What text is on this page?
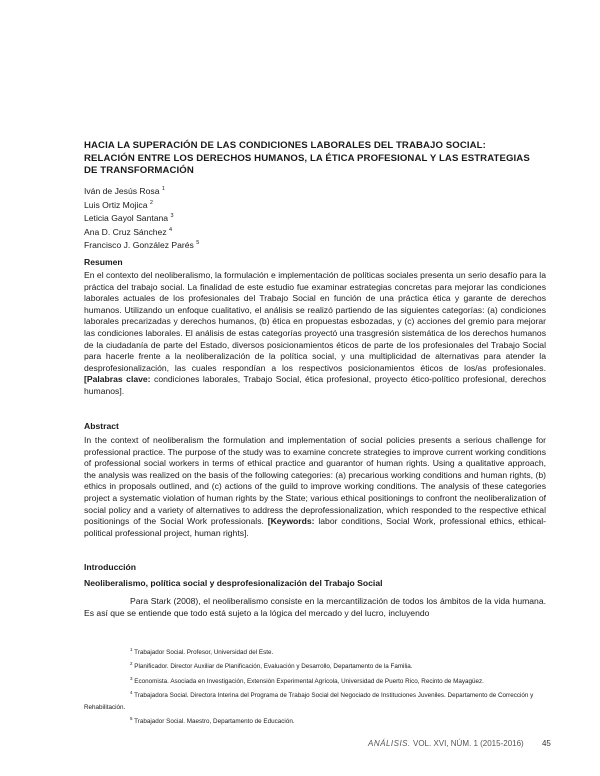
HACIA LA SUPERACIÓN DE LAS CONDICIONES LABORALES DEL TRABAJO SOCIAL:
RELACIÓN ENTRE LOS DERECHOS HUMANOS, LA ÉTICA PROFESIONAL Y LAS ESTRATEGIAS
DE TRANSFORMACIÓN
Iván de Jesús Rosa $^1$
Luis Ortiz Mojica $^2$
Leticia Gayol Santana $^3$
Ana D. Cruz Sánchez $^4$
Francisco J. González Parés $^5$
Resumen
En el contexto del neoliberalismo, la formulación e implementación de políticas sociales presenta un serio desafío para la práctica del trabajo social. La finalidad de este estudio fue examinar estrategias concretas para mejorar las condiciones laborales actuales de los profesionales del Trabajo Social en función de una práctica ética y garante de derechos humanos. Utilizando un enfoque cualitativo, el análisis se realizó partiendo de las siguientes categorías: (a) condiciones laborales precarizadas y derechos humanos, (b) ética en propuestas esbozadas, y (c) acciones del gremio para mejorar las condiciones laborales. El análisis de estas categorías proyectó una trasgresión sistemática de los derechos humanos de la ciudadanía de parte del Estado, diversos posicionamientos éticos de parte de los profesionales del Trabajo Social para hacerle frente a la neoliberalización de la política social, y una multiplicidad de alternativas para atender la desprofesionalización, las cuales respondían a los respectivos posicionamientos éticos de los/as profesionales. [Palabras clave: condiciones laborales, Trabajo Social, ética profesional, proyecto ético-político profesional, derechos humanos].
Abstract
In the context of neoliberalism the formulation and implementation of social policies presents a serious challenge for professional practice. The purpose of the study was to examine concrete strategies to improve current working conditions of professional social workers in terms of ethical practice and guarantor of human rights. Using a qualitative approach, the analysis was realized on the basis of the following categories: (a) precarious working conditions and human rights, (b) ethics in proposals outlined, and (c) actions of the guild to improve working conditions. The analysis of these categories project a systematic violation of human rights by the State; various ethical positionings to confront the neoliberalization of social policy and a variety of alternatives to address the deprofessionalization, which responded to the respective ethical positionings of the Social Work professionals. [Keywords: labor conditions, Social Work, professional ethics, ethical-political professional project, human rights].
Introducción
Neoliberalismo, política social y desprofesionalización del Trabajo Social
Para Stark (2008), el neoliberalismo consiste en la mercantilización de todos los ámbitos de la vida humana. Es así que se entiende que todo está sujeto a la lógica del mercado y del lucro, incluyendo
$^1$ Trabajador Social. Profesor, Universidad del Este.
$^2$ Planificador. Director Auxiliar de Planificación, Evaluación y Desarrollo, Departamento de la Familia.
$^3$ Economista. Asociada en Investigación, Extensión Experimental Agrícola, Universidad de Puerto Rico, Recinto de Mayagüez.
$^4$ Trabajadora Social. Directora Interina del Programa de Trabajo Social del Negociado de Instituciones Juveniles. Departamento de Corrección y Rehabilitación.
$^5$ Trabajador Social. Maestro, Departamento de Educación.
ANÁLISIS. VOL. XVI, NÚM. 1 (2015-2016) 45
